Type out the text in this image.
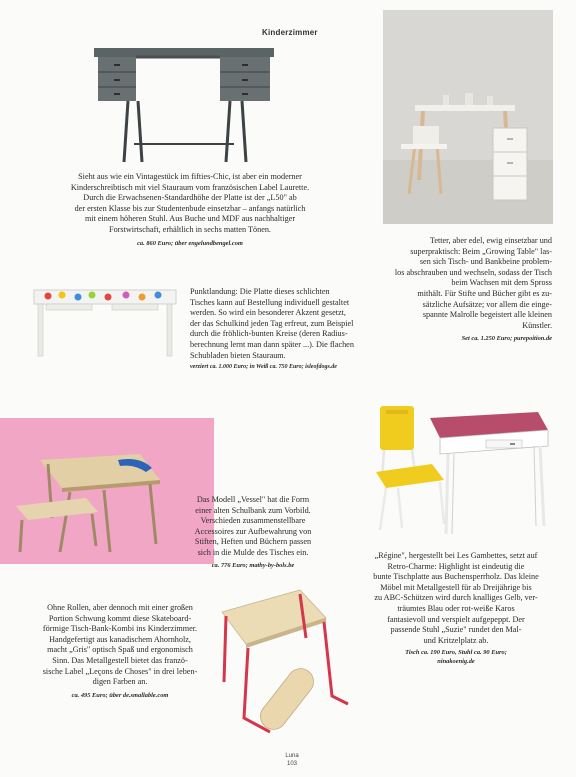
Kinderzimmer
Sieht aus wie ein Vintagestück im fifties-Chic, ist aber ein moderner
Kinderschreibtisch mit viel Stauraum vom französischen Label Laurette.
Durch die Erwachsenen-Standardhöhe der Platte ist der „L50" ab
der ersten Klasse bis zur Studentenbude einsetzbar – anfangs natürlich
mit einem höheren Stuhl. Aus Buche und MDF aus nachhaltiger
Forstwirtschaft, erhältlich in sechs matten Tönen.
ca. 860 Euro; über engelundbengel.com	Tetter, aber edel, ewig einsetzbar und
superpraktisch: Beim „Growing Table" las-
sen sich Tisch- und Bankbeine problem-
los abschrauben und wechseln, sodass der Tisch
beim Wachsen mit dem Spross
mithält. Für Stifte und Bücher gibt es zu-
sätzliche Aufsätze; vor allem die einge-
spannte Malrolle begeistert alle kleinen
Künstler.
Set ca. 1.250 Euro; purepoition.de
Punktlandung: Die Platte dieses schlichten
Tisches kann auf Bestellung individuell gestaltet
werden. So wird ein besonderer Akzent gesetzt,
der das Schulkind jeden Tag erfreut, zum Beispiel
durch die fröhlich-bunten Kreise (deren Radius-
berechnung lernt man dann später ...). Die flachen
Schubladen bieten Stauraum.
verziert ca. 1.000 Euro; in Weiß ca. 750 Euro; isleofdogs.de
Das Modell „Vessel" hat die Form
einer alten Schulbank zum Vorbild.
Verschieden zusammenstellbare
Accessoires zur Aufbewahrung von
Stiften, Heften und Büchern passen
sich in die Mulde des Tisches ein.
ca. 776 Euro; mathy-by-bols.be
„Régine", hergestellt bei Les Gambettes, setzt auf
Retro-Charme: Highlight ist eindeutig die
bunte Tischplatte aus Buchensperrholz. Das kleine
Möbel mit Metallgestell für ab Dreijährige bis
zu ABC-Schützen wird durch knalliges Gelb, ver-
träumtes Blau oder rot-weiße Karos
fantasievoll und verspielt aufgepeppt. Der
passende Stuhl „Suzie" rundet den Mal-
und Kritzelplatz ab.
Tisch ca. 190 Euro, Stuhl ca. 90 Euro;
ninakoenig.de
Ohne Rollen, aber dennoch mit einer großen
Portion Schwung kommt diese Skateboard-
förmige Tisch-Bank-Kombi ins Kinderzimmer.
Handgefertigt aus kanadischem Ahornholz,
macht „Gris" optisch Spaß und ergonomisch
Sinn. Das Metallgestell bietet das franzö-
sische Label „Leçons de Choses" in drei leben-
digen Farben an.
ca. 495 Euro; über de.smallable.com
Luna
103
